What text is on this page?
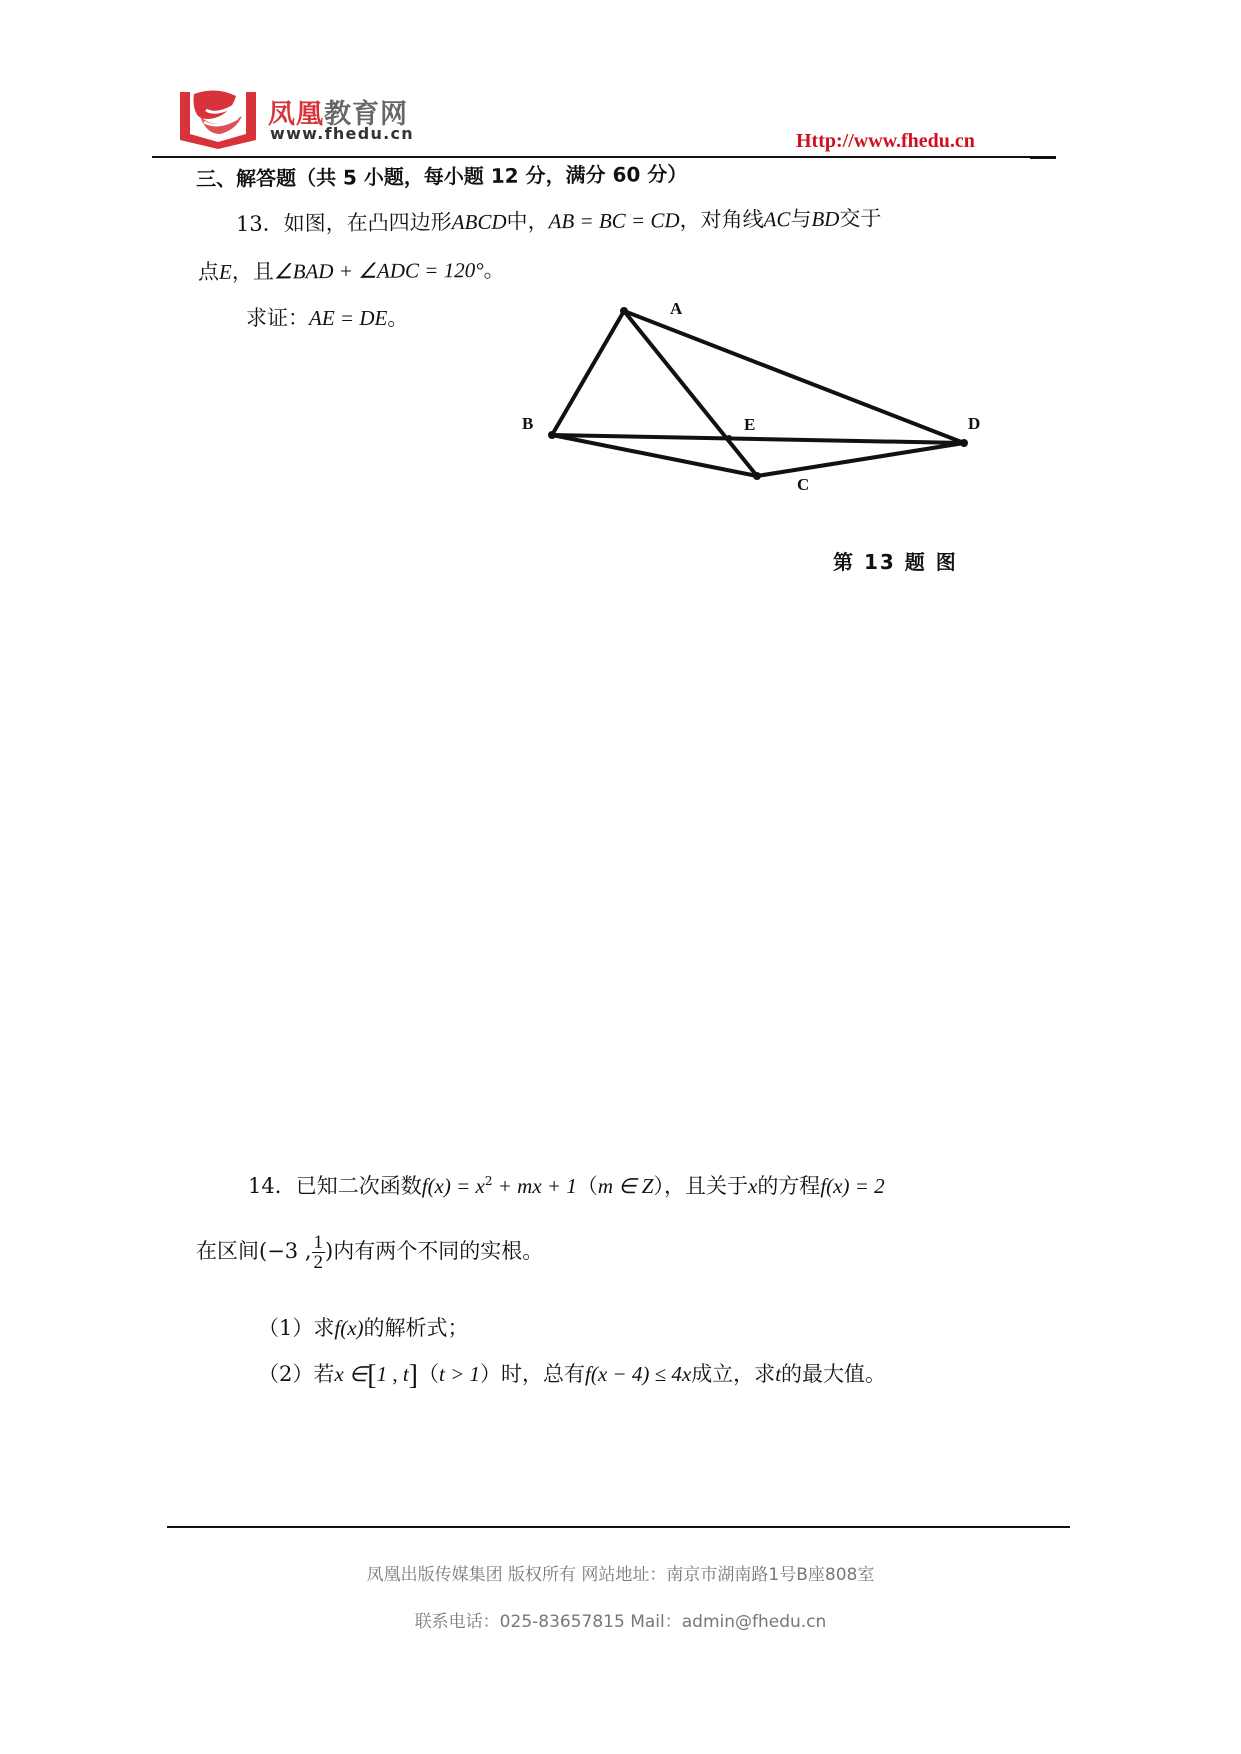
凤凰教育网
www.fhedu.cn	Http://www.fhedu.cn
三、解答题（共 5 小题，每小题 12 分，满分 60 分）
13．如图，在凸四边形ABCD中，AB = BC = CD，对角线AC与BD交于
点E，且∠BAD + ∠ADC = 120°。
求证：AE = DE。	A
B	E	D
C
第 13 题 图
14．已知二次函数$f(x) = x^2$ + mx + 1（m ∈ Z），且关于x的方程f(x) = 2
在区间(−3 , $\frac{1}{2}$ )内有两个不同的实根。
（1）求f(x)的解析式；
（2）若x ∈[1 , t]（t > 1）时，总有f(x − 4) ≤ 4x成立，求t的最大值。
凤凰出版传媒集团 版权所有 网站地址：南京市湖南路1号B座808室
联系电话：025-83657815 Mail：admin@fhedu.cn
